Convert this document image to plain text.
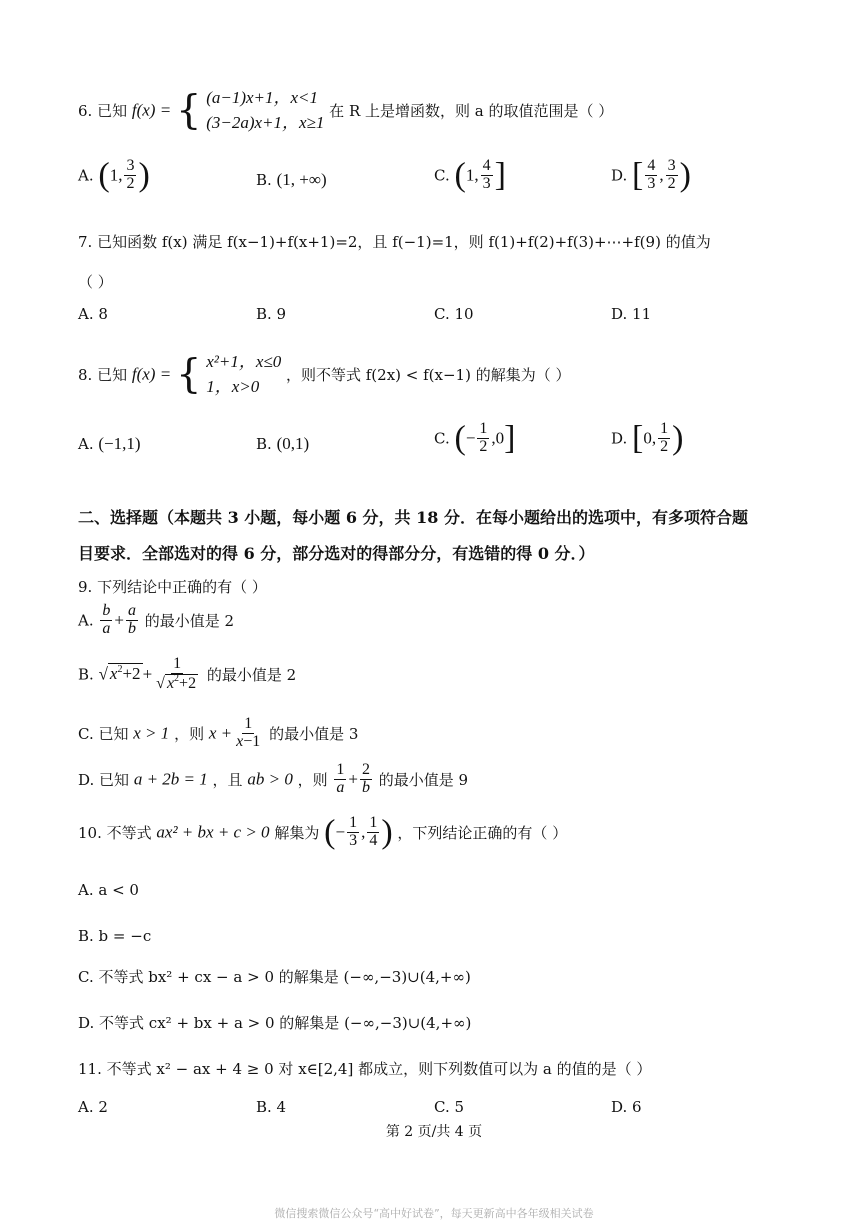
6. 已知 f(x) = { (a−1)x+1，x<1
(3−2a)x+1，x≥1 在 R 上是增函数，则 a 的取值范围是（ ）
A. (1, $\frac{3}{2}$ )	B. (1, +∞)	C. (1, $\frac{4}{3}$ ]	D. [ $\frac{4}{3}$ , $\frac{3}{2}$ )
7. 已知函数 f(x) 满足 f(x−1)+f(x+1)=2，且 f(−1)=1，则 f(1)+f(2)+f(3)+⋯+f(9) 的值为
（ ）
A. 8	B. 9	C. 10	D. 11
8. 已知 f(x) = { x²+1，x≤0
1，x>0 ，则不等式 f(2x) < f(x−1) 的解集为（ ）
A. (−1,1)	B. (0,1)	C. (− $\frac{1}{2} ,0$]	D. [0, $\frac{1}{2}$ )
二、选择题（本题共 3 小题，每小题 6 分，共 18 分．在每小题给出的选项中，有多项符合题
目要求．全部选对的得 6 分，部分选对的得部分分，有选错的得 0 分．）
9. 下列结论中正确的有（ ）
A. $\frac{b}{a} + \frac{a}{b}$ 的最小值是 2
B. √ $x^2+2 + \frac{1}{√ x^2+2}$ 的最小值是 2
C. 已知 x > 1 ，则 $x + \frac{1}{x-1}$ 的最小值是 3
D. 已知 a + 2b = 1 ，且 ab > 0 ，则 $\frac{1}{a} + \frac{2}{b}$ 的最小值是 9
10. 不等式 ax² + bx + c > 0 解集为 (− $\frac{1}{3}$ , $\frac{1}{4}$ ) ，下列结论正确的有（ ）
A. a < 0
B. b = −c
C. 不等式 bx² + cx − a > 0 的解集是 (−∞,−3)∪(4,+∞)
D. 不等式 cx² + bx + a > 0 的解集是 (−∞,−3)∪(4,+∞)
11. 不等式 x² − ax + 4 ≥ 0 对 x∈[2,4] 都成立，则下列数值可以为 a 的值的是（ ）
A. 2	B. 4	C. 5	D. 6
第 2 页/共 4 页
微信搜索微信公众号“高中好试卷”，每天更新高中各年级相关试卷
